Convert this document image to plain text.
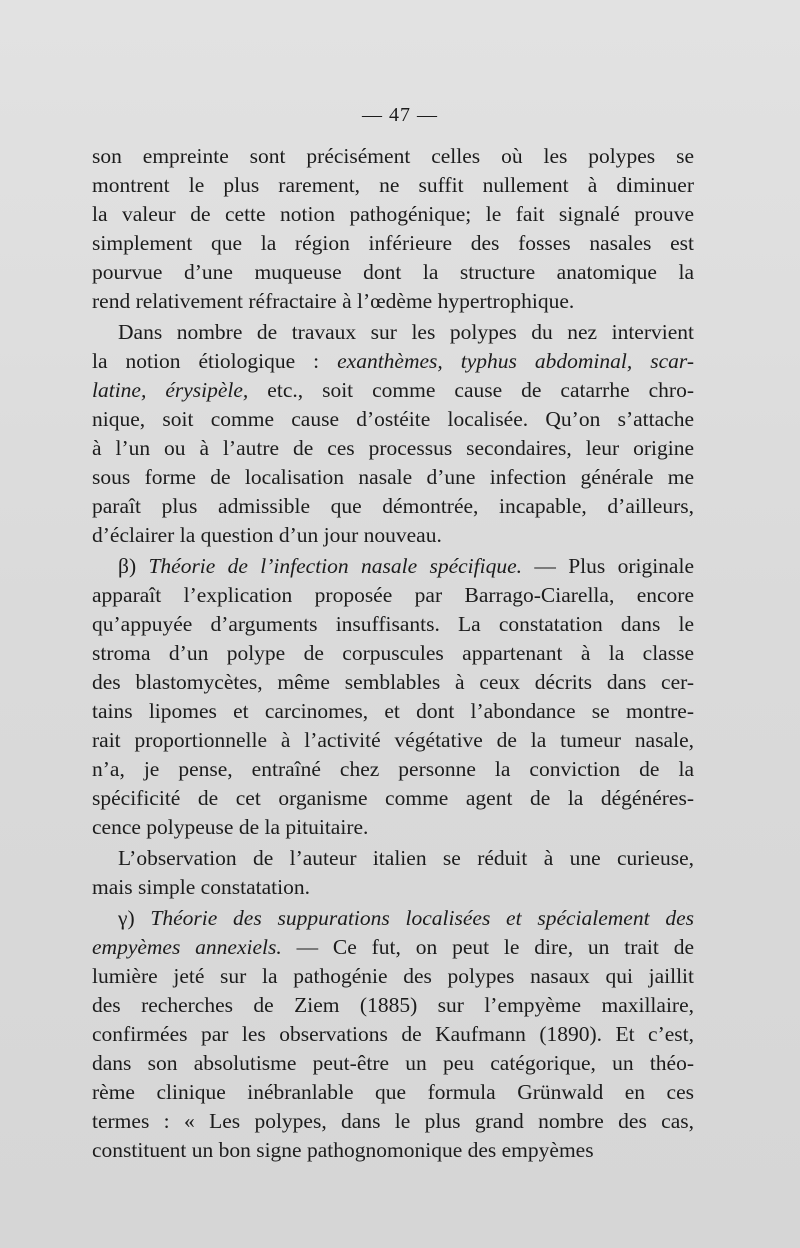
— 47 —
son empreinte sont précisément celles où les polypes se
montrent le plus rarement, ne suffit nullement à diminuer
la valeur de cette notion pathogénique; le fait signalé prouve
simplement que la région inférieure des fosses nasales est
pourvue d’une muqueuse dont la structure anatomique la
rend relativement réfractaire à l’œdème hypertrophique.
Dans nombre de travaux sur les polypes du nez intervient
la notion étiologique : exanthèmes, typhus abdominal, scar-
latine, érysipèle, etc., soit comme cause de catarrhe chro-
nique, soit comme cause d’ostéite localisée. Qu’on s’attache
à l’un ou à l’autre de ces processus secondaires, leur origine
sous forme de localisation nasale d’une infection générale me
paraît plus admissible que démontrée, incapable, d’ailleurs,
d’éclairer la question d’un jour nouveau.
β) Théorie de l’infection nasale spécifique. — Plus originale
apparaît l’explication proposée par Barrago-Ciarella, encore
qu’appuyée d’arguments insuffisants. La constatation dans le
stroma d’un polype de corpuscules appartenant à la classe
des blastomycètes, même semblables à ceux décrits dans cer-
tains lipomes et carcinomes, et dont l’abondance se montre-
rait proportionnelle à l’activité végétative de la tumeur nasale,
n’a, je pense, entraîné chez personne la conviction de la
spécificité de cet organisme comme agent de la dégénéres-
cence polypeuse de la pituitaire.
L’observation de l’auteur italien se réduit à une curieuse,
mais simple constatation.
γ) Théorie des suppurations localisées et spécialement des
empyèmes annexiels. — Ce fut, on peut le dire, un trait de
lumière jeté sur la pathogénie des polypes nasaux qui jaillit
des recherches de Ziem (1885) sur l’empyème maxillaire,
confirmées par les observations de Kaufmann (1890). Et c’est,
dans son absolutisme peut-être un peu catégorique, un théo-
rème clinique inébranlable que formula Grünwald en ces
termes : « Les polypes, dans le plus grand nombre des cas,
constituent un bon signe pathognomonique des empyèmes
